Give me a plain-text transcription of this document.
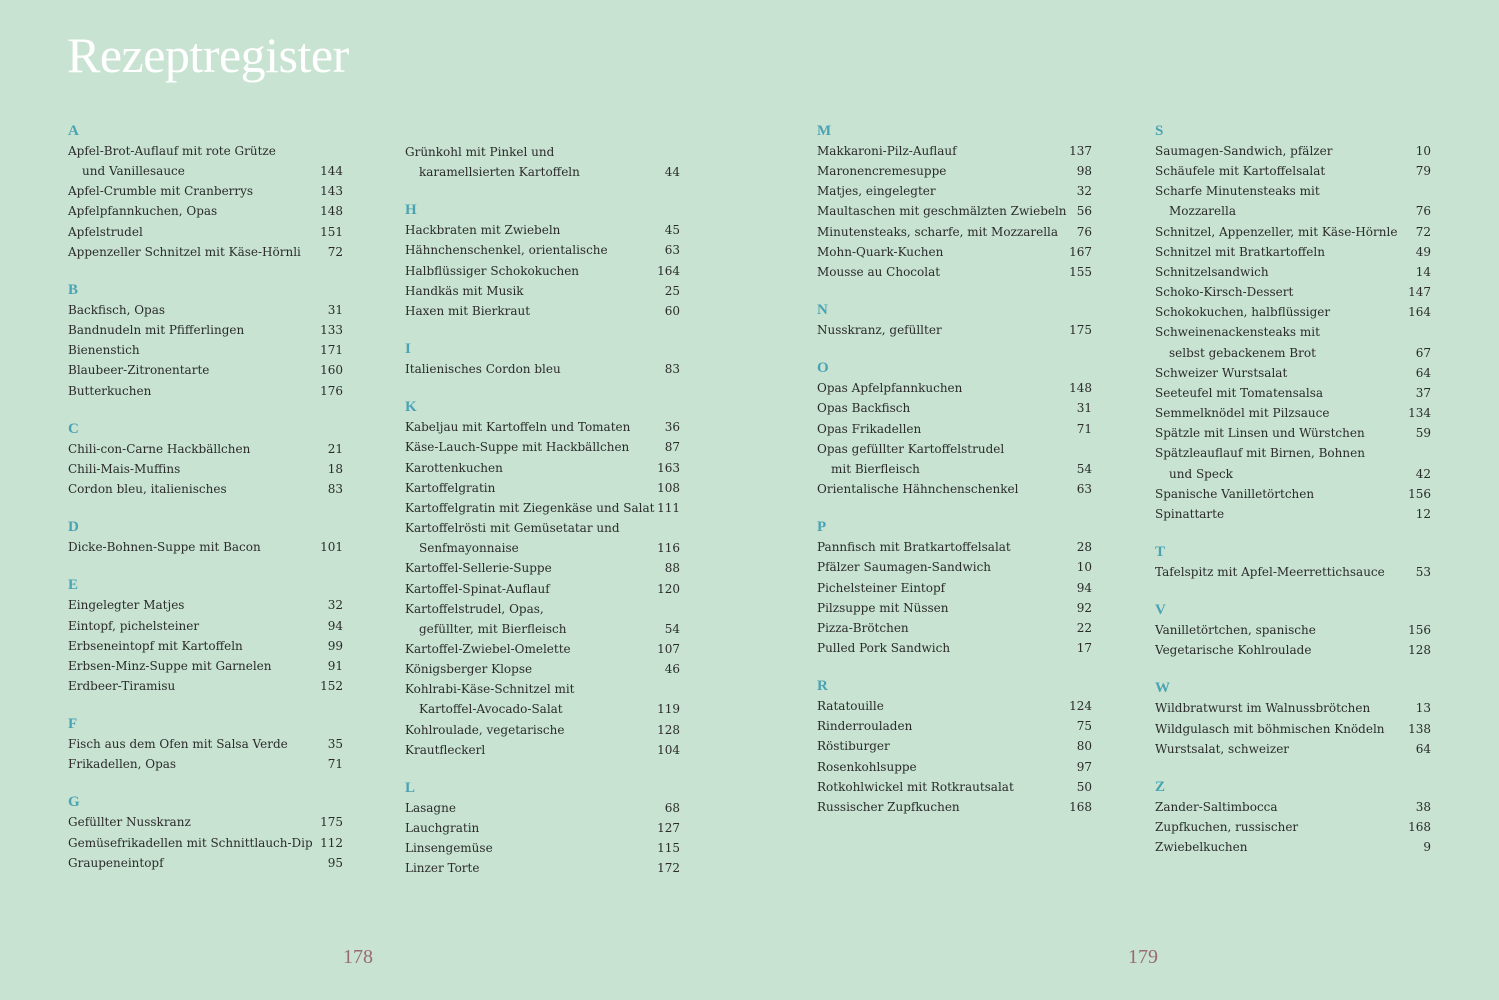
Rezeptregister
A
Apfel-Brot-Auflauf mit rote Grütze
und Vanillesauce	144
Apfel-Crumble mit Cranberrys	143
Apfelpfannkuchen, Opas	148
Apfelstrudel	151
Appenzeller Schnitzel mit Käse-Hörnli	72
B
Backfisch, Opas	31
Bandnudeln mit Pfifferlingen	133
Bienenstich	171
Blaubeer-Zitronentarte	160
Butterkuchen	176
C
Chili-con-Carne Hackbällchen	21
Chili-Mais-Muffins	18
Cordon bleu, italienisches	83
D
Dicke-Bohnen-Suppe mit Bacon	101
E
Eingelegter Matjes	32
Eintopf, pichelsteiner	94
Erbseneintopf mit Kartoffeln	99
Erbsen-Minz-Suppe mit Garnelen	91
Erdbeer-Tiramisu	152
F
Fisch aus dem Ofen mit Salsa Verde	35
Frikadellen, Opas	71
G
Gefüllter Nusskranz	175
Gemüsefrikadellen mit Schnittlauch-Dip 112
Graupeneintopf	95
Grünkohl mit Pinkel und
karamellsierten Kartoffeln	44
H
Hackbraten mit Zwiebeln	45
Hähnchenschenkel, orientalische	63
Halbflüssiger Schokokuchen	164
Handkäs mit Musik	25
Haxen mit Bierkraut	60
I
Italienisches Cordon bleu	83
K
Kabeljau mit Kartoffeln und Tomaten	36
Käse-Lauch-Suppe mit Hackbällchen	87
Karottenkuchen	163
Kartoffelgratin	108
Kartoffelgratin mit Ziegenkäse und Salat 111
Kartoffelrösti mit Gemüsetatar und
Senfmayonnaise	116
Kartoffel-Sellerie-Suppe	88
Kartoffel-Spinat-Auflauf	120
Kartoffelstrudel, Opas,
gefüllter, mit Bierfleisch	54
Kartoffel-Zwiebel-Omelette	107
Königsberger Klopse	46
Kohlrabi-Käse-Schnitzel mit
Kartoffel-Avocado-Salat	119
Kohlroulade, vegetarische	128
Krautfleckerl	104
L
Lasagne	68
Lauchgratin	127
Linsengemüse	115
Linzer Torte	172
M
Makkaroni-Pilz-Auflauf	137
Maronencremesuppe	98
Matjes, eingelegter	32
Maultaschen mit geschmälzten Zwiebeln 56
Minutensteaks, scharfe, mit Mozzarella	76
Mohn-Quark-Kuchen	167
Mousse au Chocolat	155
N
Nusskranz, gefüllter	175
O
Opas Apfelpfannkuchen	148
Opas Backfisch	31
Opas Frikadellen	71
Opas gefüllter Kartoffelstrudel
mit Bierfleisch	54
Orientalische Hähnchenschenkel	63
P
Pannfisch mit Bratkartoffelsalat	28
Pfälzer Saumagen-Sandwich	10
Pichelsteiner Eintopf	94
Pilzsuppe mit Nüssen	92
Pizza-Brötchen	22
Pulled Pork Sandwich	17
R
Ratatouille	124
Rinderrouladen	75
Röstiburger	80
Rosenkohlsuppe	97
Rotkohlwickel mit Rotkrautsalat	50
Russischer Zupfkuchen	168
S
Saumagen-Sandwich, pfälzer	10
Schäufele mit Kartoffelsalat	79
Scharfe Minutensteaks mit
Mozzarella	76
Schnitzel, Appenzeller, mit Käse-Hörnle	72
Schnitzel mit Bratkartoffeln	49
Schnitzelsandwich	14
Schoko-Kirsch-Dessert	147
Schokokuchen, halbflüssiger	164
Schweinenackensteaks mit
selbst gebackenem Brot	67
Schweizer Wurstsalat	64
Seeteufel mit Tomatensalsa	37
Semmelknödel mit Pilzsauce	134
Spätzle mit Linsen und Würstchen	59
Spätzleauflauf mit Birnen, Bohnen
und Speck	42
Spanische Vanilletörtchen	156
Spinattarte	12
T
Tafelspitz mit Apfel-Meerrettichsauce	53
V
Vanilletörtchen, spanische	156
Vegetarische Kohlroulade	128
W
Wildbratwurst im Walnussbrötchen	13
Wildgulasch mit böhmischen Knödeln	138
Wurstsalat, schweizer	64
Z
Zander-Saltimbocca	38
Zupfkuchen, russischer	168
Zwiebelkuchen	9
178	179
